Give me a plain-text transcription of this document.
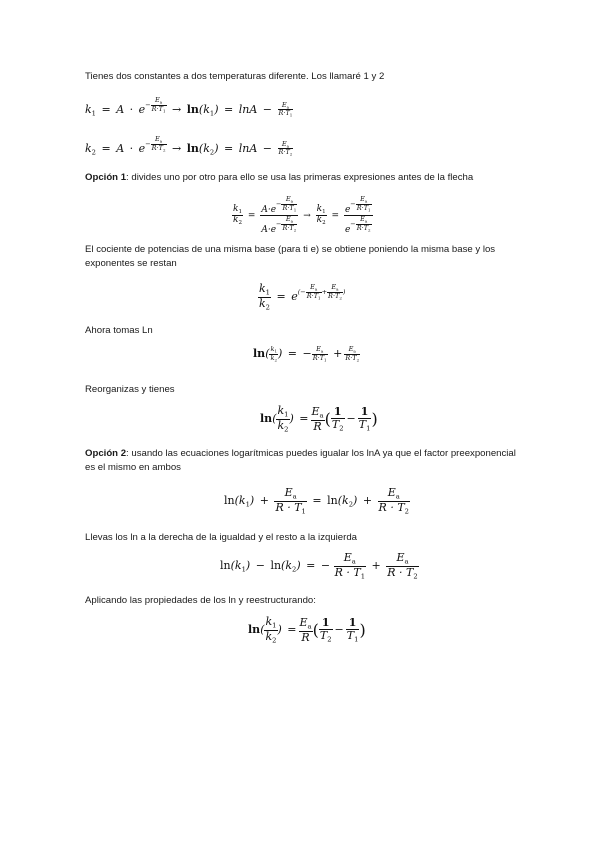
Tienes dos constantes a dos temperaturas diferente. Los llamaré 1 y 2
$k_1 = A \cdot e- \frac{E_a}{R\cdot T_1} \to \ln(k_1) = \ln A - \frac{E_a}{R\cdot T_1}$
$k_2 = A \cdot e- \frac{E_a}{R\cdot T_2} \to \ln(k_2) = \ln A - \frac{E_a}{R\cdot T_2}$
Opción 1: divides uno por otro para ello se usa las primeras expresiones antes de la flecha
$\frac{k_1}{k_2} = \frac{A\cdot e- \frac{E_a}{R\cdot T_1}}{A\cdot e- \frac{E_a}{R\cdot T_2}} \to \frac{k_1}{k_2} = \frac{e- \frac{E_a}{R\cdot T_1}}{e- \frac{E_a}{R\cdot T_2}}$
El cociente de potencias de una misma base (para ti e) se obtiene poniendo la misma base y los exponentes se restan
$\frac{k_1}{k_2} = e(- \frac{E_a}{R\cdot T_1} + \frac{E_a}{R\cdot T_2}$ )
Ahora tomas Ln
$\ln( \frac{k_1}{k_2}$ ) = − $\frac{E_a}{R\cdot T_1} + \frac{E_a}{R\cdot T_2}$
Reorganizas y tienes
$\ln( \frac{k_1}{k_2}$ ) = $\frac{E_a}{R}$ ( $\frac{1}{T_2} - \frac{1}{T_1}$ )
Opción 2: usando las ecuaciones logarítmicas puedes igualar los lnA ya que el factor preexponencial es el mismo en ambos
$\ln(k_1) + \frac{E_a}{R \cdot T_1} = \ln(k_2) + \frac{E_a}{R \cdot T_2}$
Llevas los ln a la derecha de la igualdad y el resto a la izquierda
$\ln(k_1) - \ln(k_2)$ = − $\frac{E_a}{R \cdot T_1} + \frac{E_a}{R \cdot T_2}$
Aplicando las propiedades de los ln y reestructurando:
$\ln( \frac{k_1}{k_2}$ ) = $\frac{E_a}{R}$ ( $\frac{1}{T_2} - \frac{1}{T_1}$ )
